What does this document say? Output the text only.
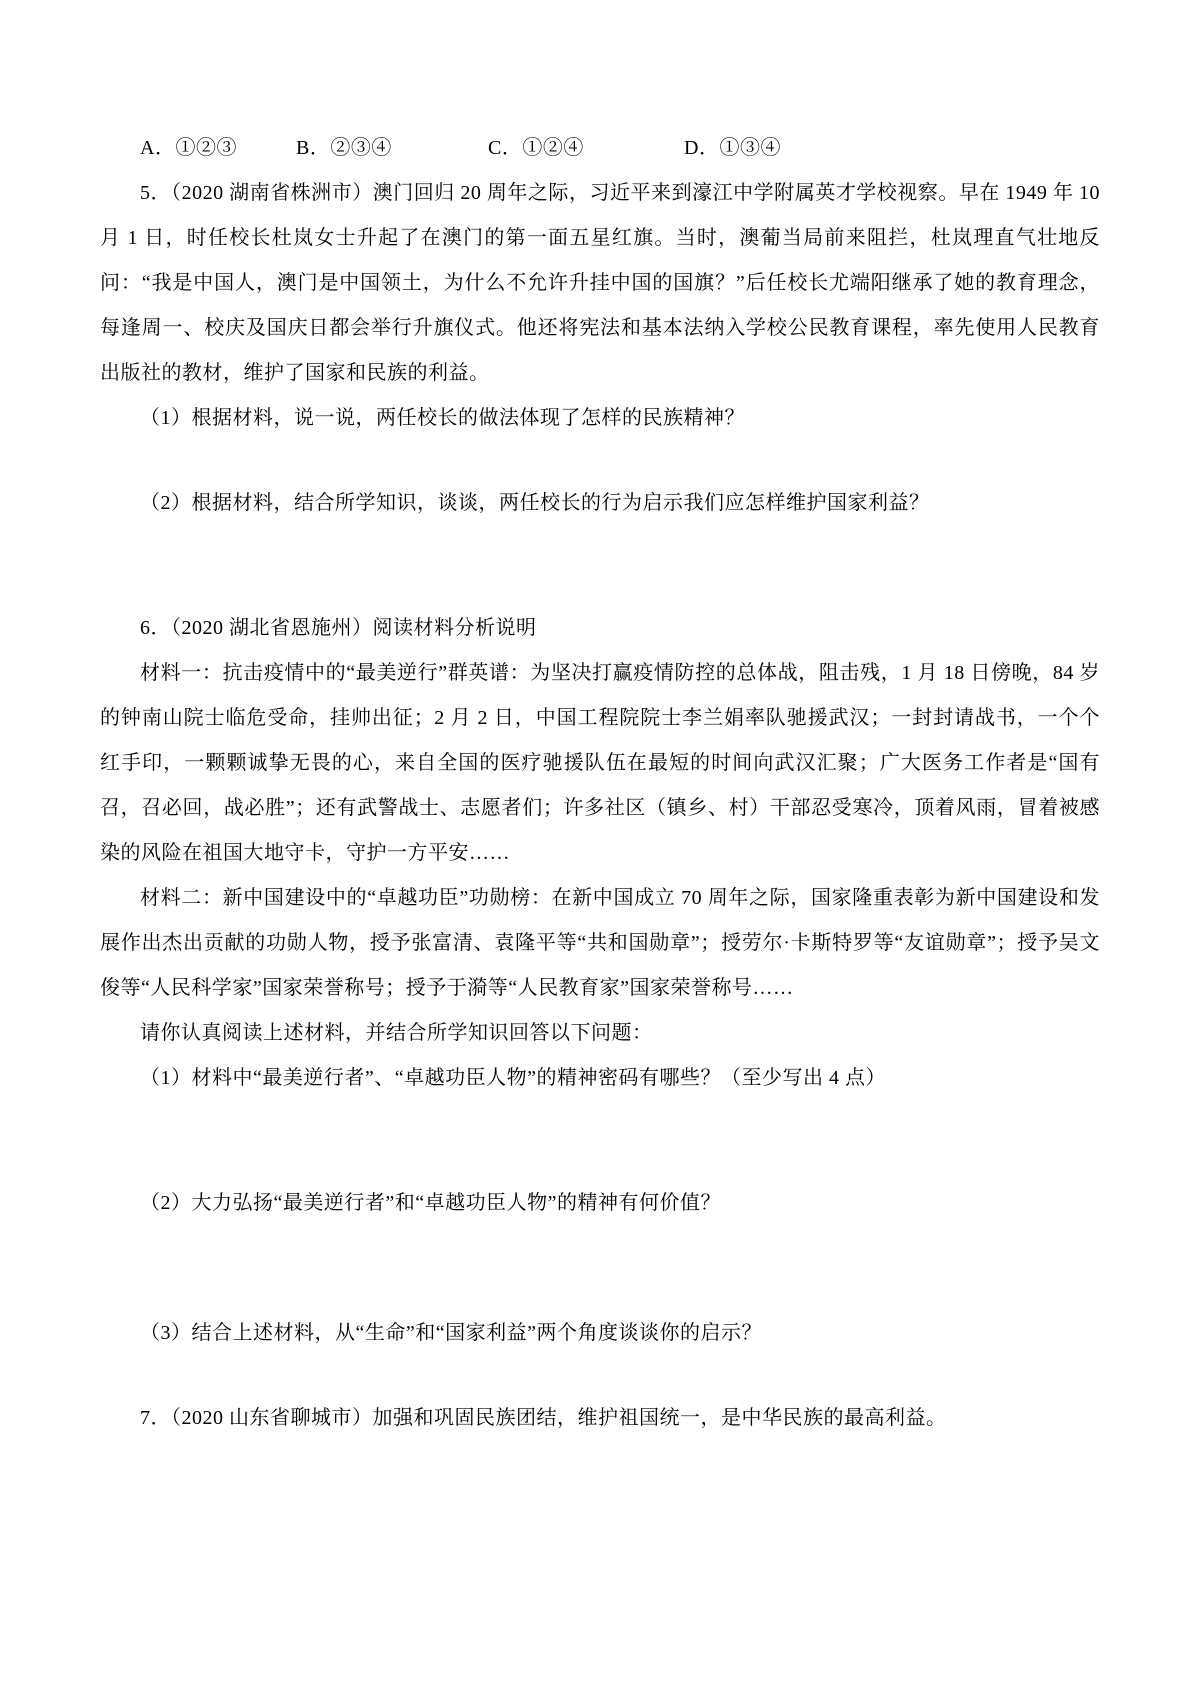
A．①②③	B．②③④	C．①②④	D．①③④

5．（2020 湖南省株洲市）澳门回归 20 周年之际，习近平来到濠江中学附属英才学校视察。早在 1949 年 10 月 1 日，时任校长杜岚女士升起了在澳门的第一面五星红旗。当时，澳葡当局前来阻拦，杜岚理直气壮地反问：“我是中国人，澳门是中国领土，为什么不允许升挂中国的国旗？”后任校长尤端阳继承了她的教育理念，每逢周一、校庆及国庆日都会举行升旗仪式。他还将宪法和基本法纳入学校公民教育课程，率先使用人民教育出版社的教材，维护了国家和民族的利益。

（1）根据材料，说一说，两任校长的做法体现了怎样的民族精神？

（2）根据材料，结合所学知识，谈谈，两任校长的行为启示我们应怎样维护国家利益？

6．（2020 湖北省恩施州）阅读材料分析说明

材料一：抗击疫情中的“最美逆行”群英谱：为坚决打赢疫情防控的总体战，阻击残，1 月 18 日傍晚，84 岁的钟南山院士临危受命，挂帅出征；2 月 2 日，中国工程院院士李兰娟率队驰援武汉；一封封请战书，一个个红手印，一颗颗诚挚无畏的心，来自全国的医疗驰援队伍在最短的时间向武汉汇聚；广大医务工作者是“国有召，召必回，战必胜”；还有武警战士、志愿者们；许多社区（镇乡、村）干部忍受寒冷，顶着风雨，冒着被感染的风险在祖国大地守卡，守护一方平安……

材料二：新中国建设中的“卓越功臣”功勋榜：在新中国成立 70 周年之际，国家隆重表彰为新中国建设和发展作出杰出贡献的功勋人物，授予张富清、袁隆平等“共和国勋章”；授劳尔·卡斯特罗等“友谊勋章”；授予吴文俊等“人民科学家”国家荣誉称号；授予于漪等“人民教育家”国家荣誉称号……

请你认真阅读上述材料，并结合所学知识回答以下问题：

（1）材料中“最美逆行者”、“卓越功臣人物”的精神密码有哪些？（至少写出 4 点）

（2）大力弘扬“最美逆行者”和“卓越功臣人物”的精神有何价值？

（3）结合上述材料，从“生命”和“国家利益”两个角度谈谈你的启示？

7．（2020 山东省聊城市）加强和巩固民族团结，维护祖国统一，是中华民族的最高利益。
